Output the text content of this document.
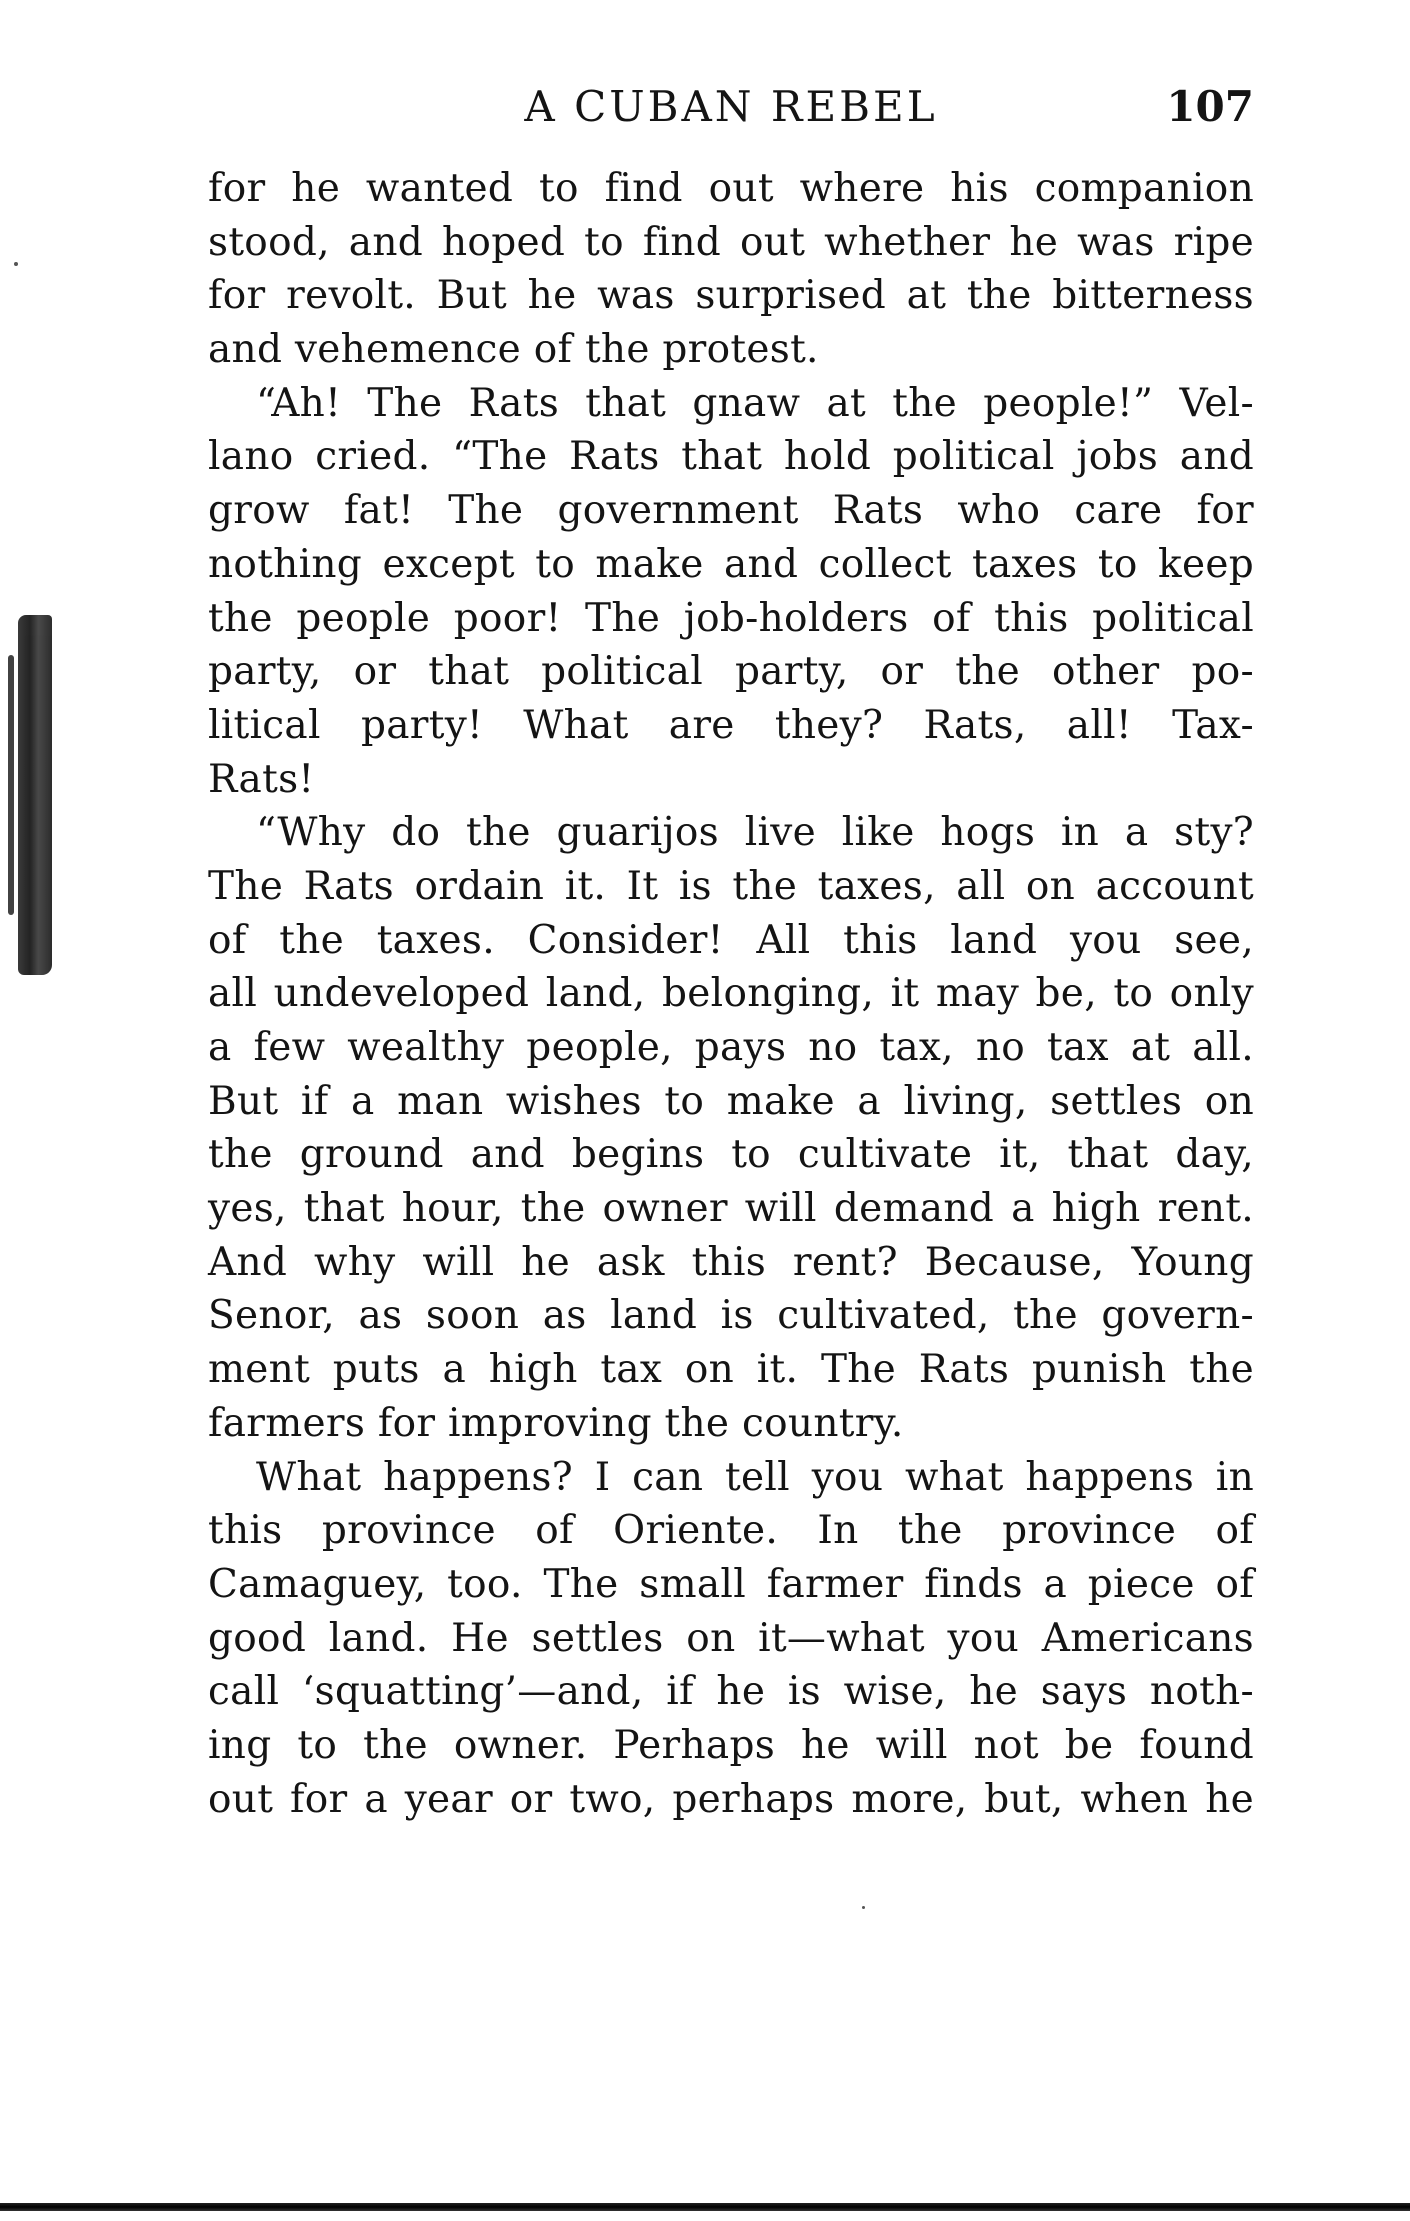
A CUBAN REBEL	107
for he wanted to find out where his companion
stood, and hoped to find out whether he was ripe
for revolt. But he was surprised at the bitterness
and vehemence of the protest.
“Ah! The Rats that gnaw at the people!” Vel-
lano cried. “The Rats that hold political jobs and
grow fat! The government Rats who care for
nothing except to make and collect taxes to keep
the people poor! The job-holders of this political
party, or that political party, or the other po-
litical party! What are they? Rats, all! Tax-
Rats!
“Why do the guarijos live like hogs in a sty?
The Rats ordain it. It is the taxes, all on account
of the taxes. Consider! All this land you see,
all undeveloped land, belonging, it may be, to only
a few wealthy people, pays no tax, no tax at all.
But if a man wishes to make a living, settles on
the ground and begins to cultivate it, that day,
yes, that hour, the owner will demand a high rent.
And why will he ask this rent? Because, Young
Senor, as soon as land is cultivated, the govern-
ment puts a high tax on it. The Rats punish the
farmers for improving the country.
What happens? I can tell you what happens in
this province of Oriente. In the province of
Camaguey, too. The small farmer finds a piece of
good land. He settles on it—what you Americans
call ‘squatting’—and, if he is wise, he says noth-
ing to the owner. Perhaps he will not be found
out for a year or two, perhaps more, but, when he
